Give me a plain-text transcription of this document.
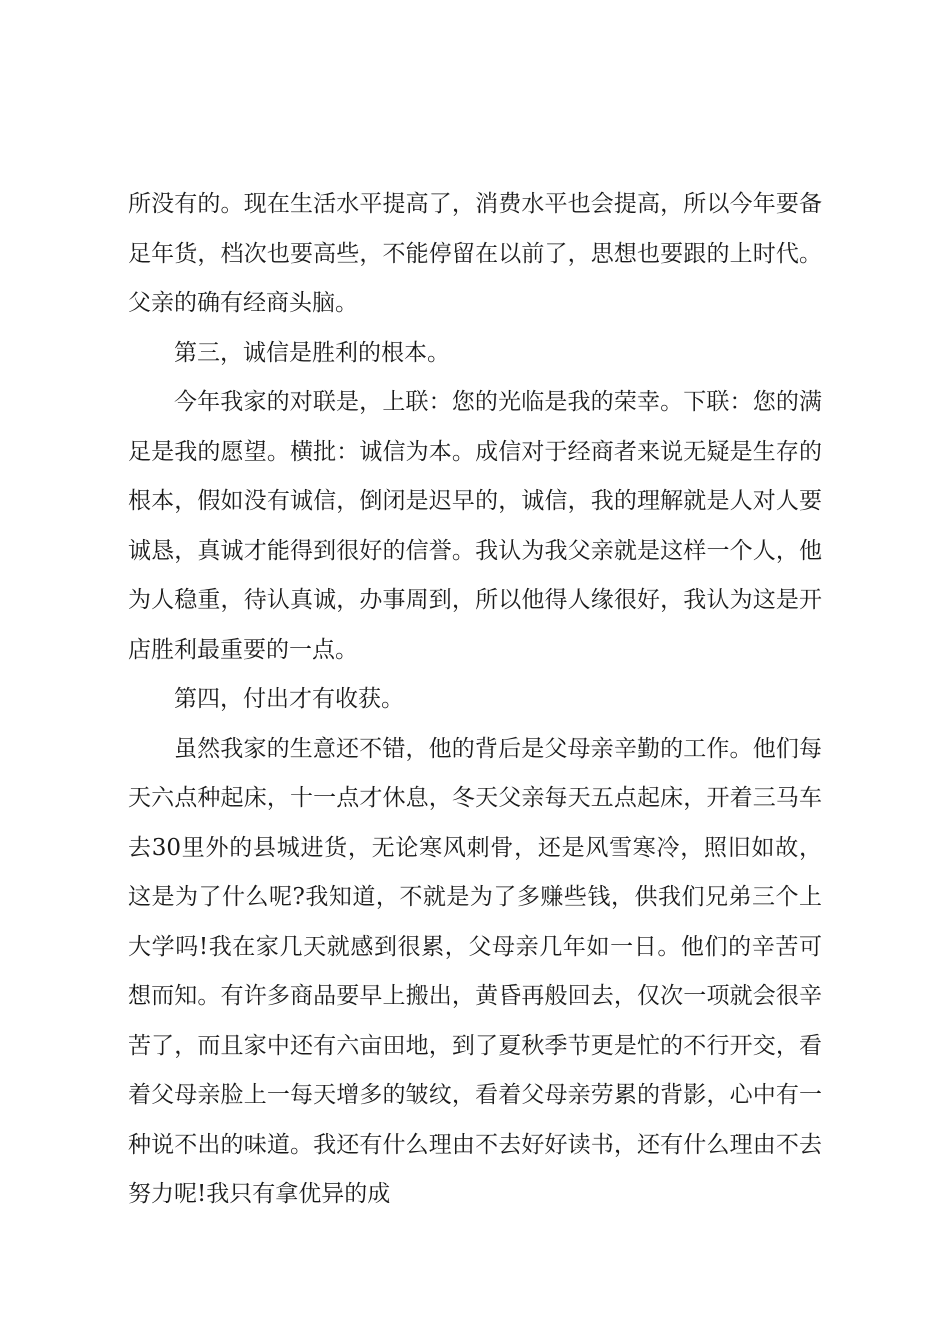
所没有的。现在生活水平提高了，消费水平也会提高，所以今年要备足年货，档次也要高些，不能停留在以前了，思想也要跟的上时代。父亲的确有经商头脑。

第三，诚信是胜利的根本。

今年我家的对联是，上联：您的光临是我的荣幸。下联：您的满足是我的愿望。横批：诚信为本。成信对于经商者来说无疑是生存的根本，假如没有诚信，倒闭是迟早的，诚信，我的理解就是人对人要诚恳，真诚才能得到很好的信誉。我认为我父亲就是这样一个人，他为人稳重，待认真诚，办事周到，所以他得人缘很好，我认为这是开店胜利最重要的一点。

第四，付出才有收获。

虽然我家的生意还不错，他的背后是父母亲辛勤的工作。他们每天六点种起床，十一点才休息，冬天父亲每天五点起床，开着三马车去30里外的县城进货，无论寒风刺骨，还是风雪寒冷，照旧如故，这是为了什么呢?我知道，不就是为了多赚些钱，供我们兄弟三个上大学吗!我在家几天就感到很累，父母亲几年如一日。他们的辛苦可想而知。有许多商品要早上搬出，黄昏再般回去，仅次一项就会很辛苦了，而且家中还有六亩田地，到了夏秋季节更是忙的不行开交，看着父母亲脸上一每天增多的皱纹，看着父母亲劳累的背影，心中有一种说不出的味道。我还有什么理由不去好好读书，还有什么理由不去努力呢!我只有拿优异的成
